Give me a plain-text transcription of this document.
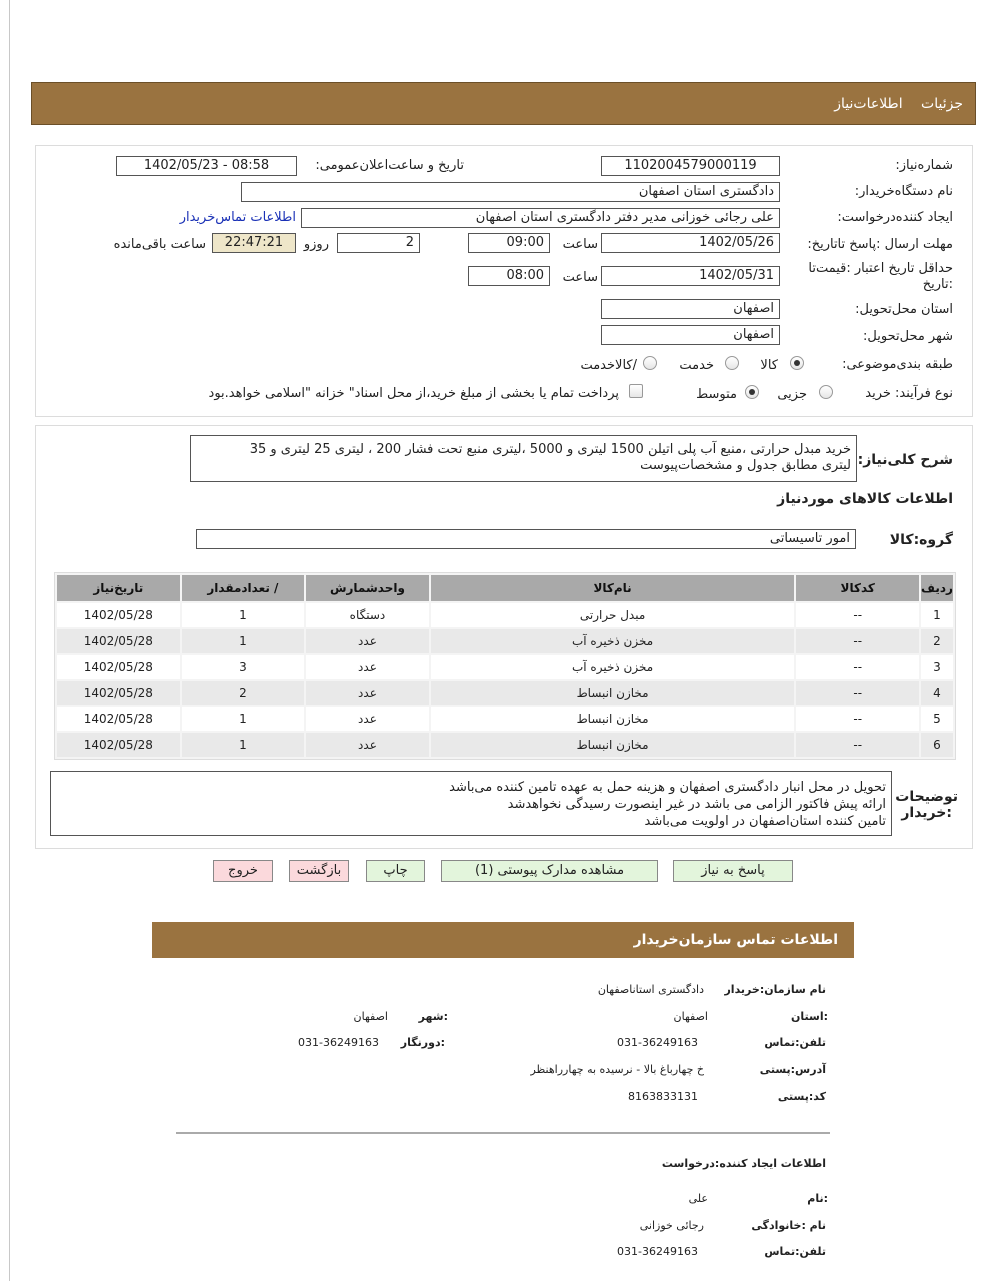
جزئیات اطلاعات‌نیاز
شماره‌نیاز:
1102004579000119
تاریخ و ساعت‌اعلان‌عمومی:
1402/05/23 - 08:58
نام دستگاه‌خریدار:
دادگستری استان اصفهان
ایجاد کننده‌درخواست:
علی رجائی خوزانی مدیر دفتر دادگستری استان اصفهان
اطلاعات تماس‌خریدار
مهلت ارسال :پاسخ تا‌تاریخ:
1402/05/26
ساعت
09:00
2
روزو
22:47:21
ساعت باقی‌مانده
حداقل تاریخ اعتبار :قیمت‌تا
:تاریخ
1402/05/31
ساعت
08:00
استان محل‌تحویل:
اصفهان
شهر محل‌تحویل:
اصفهان
طبقه بندی‌موضوعی:
کالا
خدمت
/کالاخدمت
نوع فرآیند: خرید
جزیی
متوسط
پرداخت تمام یا بخشی از مبلغ خرید،از محل اسناد" خزانه "اسلامی خواهد.بود
شرح کلی‌نیاز:
خرید مبدل حرارتی ،منبع آب پلی اتیلن 1500 لیتری و 5000 ،لیتری منبع تحت فشار 200 ، لیتری 25 لیتری و 35
لیتری مطابق جدول و مشخصات‌پیوست
اطلاعات کالاهای مورد‌نیاز
گروه:کالا
امور تاسیساتی
ردیف	کدکالا	نام‌کالا	واحدشمارش	/ تعدادمقدار	تاریخ‌نیاز
1	--	مبدل حرارتی	دستگاه	1	1402/05/28
2	--	مخزن ذخیره آب	عدد	1	1402/05/28
3	--	مخزن ذخیره آب	عدد	3	1402/05/28
4	--	مخازن انبساط	عدد	2	1402/05/28
5	--	مخازن انبساط	عدد	1	1402/05/28
6	--	مخازن انبساط	عدد	1	1402/05/28
توضیحات
:خریدار
تحویل در محل انبار دادگستری اصفهان و هزینه حمل به عهده تامین کننده می‌باشد
ارائه پیش فاکتور الزامی می باشد در غیر اینصورت رسیدگی نخواهد‌شد
تامین کننده استان‌اصفهان در اولویت می‌باشد
پاسخ به نیاز
مشاهده مدارک پیوستی (1)
چاپ
بازگشت
خروج
اطلاعات تماس سازمان‌خریدار
نام سازمان:خریدار
دادگستری استاناصفهان
:استان
اصفهان
:شهر
اصفهان
تلفن:تماس
031-36249163
:دورنگار
031-36249163
آدرس:پستی
خ چهارباغ بالا - نرسیده به چهارراهنظر
کد:پستی
8163833131
اطلاعات ایجاد کننده:درخواست
:نام
علی
نام :خانوادگی
رجائی خوزانی
تلفن:تماس
031-36249163
